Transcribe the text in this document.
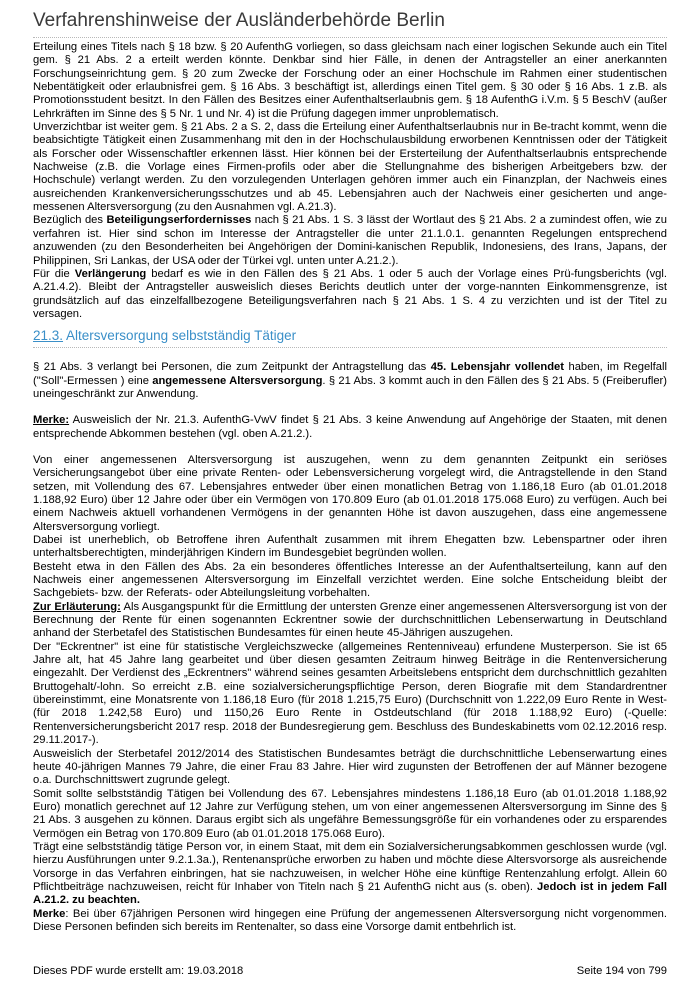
Verfahrenshinweise der Ausländerbehörde Berlin

Erteilung eines Titels nach § 18 bzw. § 20 AufenthG vorliegen, so dass gleichsam nach einer logischen Sekunde auch ein Titel gem. § 21 Abs. 2 a erteilt werden könnte. Denkbar sind hier Fälle, in denen der Antragsteller an einer anerkannten Forschungseinrichtung gem. § 20 zum Zwecke der Forschung oder an einer Hochschule im Rahmen einer studentischen Nebentätigkeit oder erlaubnisfrei gem. § 16 Abs. 3 beschäftigt ist, allerdings einen Titel gem. § 30 oder § 16 Abs. 1 z.B. als Promotionsstudent besitzt. In den Fällen des Besitzes einer Aufenthaltserlaubnis gem. § 18 AufenthG i.V.m. § 5 BeschV (außer Lehrkräften im Sinne des § 5 Nr. 1 und Nr. 4) ist die Prüfung dagegen immer unproblematisch.

Unverzichtbar ist weiter gem. § 21 Abs. 2 a S. 2, dass die Erteilung einer Aufenthaltserlaubnis nur in Be-tracht kommt, wenn die beabsichtigte Tätigkeit einen Zusammenhang mit den in der Hochschulausbildung erworbenen Kenntnissen oder der Tätigkeit als Forscher oder Wissenschaftler erkennen lässt. Hier können bei der Ersterteilung der Aufenthaltserlaubnis entsprechende Nachweise (z.B. die Vorlage eines Firmen-profils oder aber die Stellungnahme des bisherigen Arbeitgebers bzw. der Hochschule) verlangt werden. Zu den vorzulegenden Unterlagen gehören immer auch ein Finanzplan, der Nachweis eines ausreichenden Krankenversicherungsschutzes und ab 45. Lebensjahren auch der Nachweis einer gesicherten und ange-messenen Altersversorgung (zu den Ausnahmen vgl. A.21.3).

Bezüglich des Beteiligungserfordernisses nach § 21 Abs. 1 S. 3 lässt der Wortlaut des § 21 Abs. 2 a zumindest offen, wie zu verfahren ist. Hier sind schon im Interesse der Antragsteller die unter 21.1.0.1. genannten Regelungen entsprechend anzuwenden (zu den Besonderheiten bei Angehörigen der Domini-kanischen Republik, Indonesiens, des Irans, Japans, der Philippinen, Sri Lankas, der USA oder der Türkei vgl. unten unter A.21.2.).

Für die Verlängerung bedarf es wie in den Fällen des § 21 Abs. 1 oder 5 auch der Vorlage eines Prü-fungsberichts (vgl. A.21.4.2). Bleibt der Antragsteller ausweislich dieses Berichts deutlich unter der vorge-nannten Einkommensgrenze, ist grundsätzlich auf das einzelfallbezogene Beteiligungsverfahren nach § 21 Abs. 1 S. 4 zu verzichten und ist der Titel zu versagen.

21.3. Altersversorgung selbstständig Tätiger

§ 21 Abs. 3 verlangt bei Personen, die zum Zeitpunkt der Antragstellung das 45. Lebensjahr vollendet haben, im Regelfall ("Soll"-Ermessen ) eine angemessene Altersversorgung. § 21 Abs. 3 kommt auch in den Fällen des § 21 Abs. 5 (Freiberufler) uneingeschränkt zur Anwendung.

Merke: Ausweislich der Nr. 21.3. AufenthG-VwV findet § 21 Abs. 3 keine Anwendung auf Angehörige der Staaten, mit denen entsprechende Abkommen bestehen (vgl. oben A.21.2.).

Von einer angemessenen Altersversorgung ist auszugehen, wenn zu dem genannten Zeitpunkt ein seriöses Versicherungsangebot über eine private Renten- oder Lebensversicherung vorgelegt wird, die Antragstellende in den Stand setzen, mit Vollendung des 67. Lebensjahres entweder über einen monatlichen Betrag von 1.186,18 Euro (ab 01.01.2018 1.188,92 Euro) über 12 Jahre oder über ein Vermögen von 170.809 Euro (ab 01.01.2018 175.068 Euro) zu verfügen. Auch bei einem Nachweis aktuell vorhandenen Vermögens in der genannten Höhe ist davon auszugehen, dass eine angemessene Altersversorgung vorliegt.

Dabei ist unerheblich, ob Betroffene ihren Aufenthalt zusammen mit ihrem Ehegatten bzw. Lebenspartner oder ihren unterhaltsberechtigten, minderjährigen Kindern im Bundesgebiet begründen wollen.

Besteht etwa in den Fällen des Abs. 2a ein besonderes öffentliches Interesse an der Aufenthaltserteilung, kann auf den Nachweis einer angemessenen Altersversorgung im Einzelfall verzichtet werden. Eine solche Entscheidung bleibt der Sachgebiets- bzw. der Referats- oder Abteilungsleitung vorbehalten.

Zur Erläuterung: Als Ausgangspunkt für die Ermittlung der untersten Grenze einer angemessenen Altersversorgung ist von der Berechnung der Rente für einen sogenannten Eckrentner sowie der durchschnittlichen Lebenserwartung in Deutschland anhand der Sterbetafel des Statistischen Bundesamtes für einen heute 45-Jährigen auszugehen.

Der "Eckrentner" ist eine für statistische Vergleichszwecke (allgemeines Rentenniveau) erfundene Musterperson. Sie ist 65 Jahre alt, hat 45 Jahre lang gearbeitet und über diesen gesamten Zeitraum hinweg Beiträge in die Rentenversicherung eingezahlt. Der Verdienst des „Eckrentners" während seines gesamten Arbeitslebens entspricht dem durchschnittlich gezahlten Bruttogehalt/-lohn. So erreicht z.B. eine sozialversicherungspflichtige Person, deren Biografie mit dem Standardrentner übereinstimmt, eine Monatsrente von 1.186,18 Euro (für 2018 1.215,75 Euro) (Durchschnitt von 1.222,09 Euro Rente in West- (für 2018 1.242,58 Euro) und 1150,26 Euro Rente in Ostdeutschland (für 2018 1.188,92 Euro) (-Quelle: Rentenversicherungsbericht 2017 resp. 2018 der Bundesregierung gem. Beschluss des Bundeskabinetts vom 02.12.2016 resp. 29.11.2017-).

Ausweislich der Sterbetafel 2012/2014 des Statistischen Bundesamtes beträgt die durchschnittliche Lebenserwartung eines heute 40-jährigen Mannes 79 Jahre, die einer Frau 83 Jahre. Hier wird zugunsten der Betroffenen der auf Männer bezogene o.a. Durchschnittswert zugrunde gelegt.

Somit sollte selbstständig Tätigen bei Vollendung des 67. Lebensjahres mindestens 1.186,18 Euro (ab 01.01.2018 1.188,92 Euro) monatlich gerechnet auf 12 Jahre zur Verfügung stehen, um von einer angemessenen Altersversorgung im Sinne des § 21 Abs. 3 ausgehen zu können. Daraus ergibt sich als ungefähre Bemessungsgröße für ein vorhandenes oder zu ersparendes Vermögen ein Betrag von 170.809 Euro (ab 01.01.2018 175.068 Euro).

Trägt eine selbstständig tätige Person vor, in einem Staat, mit dem ein Sozialversicherungsabkommen geschlossen wurde (vgl. hierzu Ausführungen unter 9.2.1.3a.), Rentenansprüche erworben zu haben und möchte diese Altersvorsorge als ausreichende Vorsorge in das Verfahren einbringen, hat sie nachzuweisen, in welcher Höhe eine künftige Rentenzahlung erfolgt. Allein 60 Pflichtbeiträge nachzuweisen, reicht für Inhaber von Titeln nach § 21 AufenthG nicht aus (s. oben). Jedoch ist in jedem Fall A.21.2. zu beachten.

Merke: Bei über 67jährigen Personen wird hingegen eine Prüfung der angemessenen Altersversorgung nicht vorgenommen. Diese Personen befinden sich bereits im Rentenalter, so dass eine Vorsorge damit entbehrlich ist.

Dieses PDF wurde erstellt am: 19.03.2018	Seite 194 von 799
